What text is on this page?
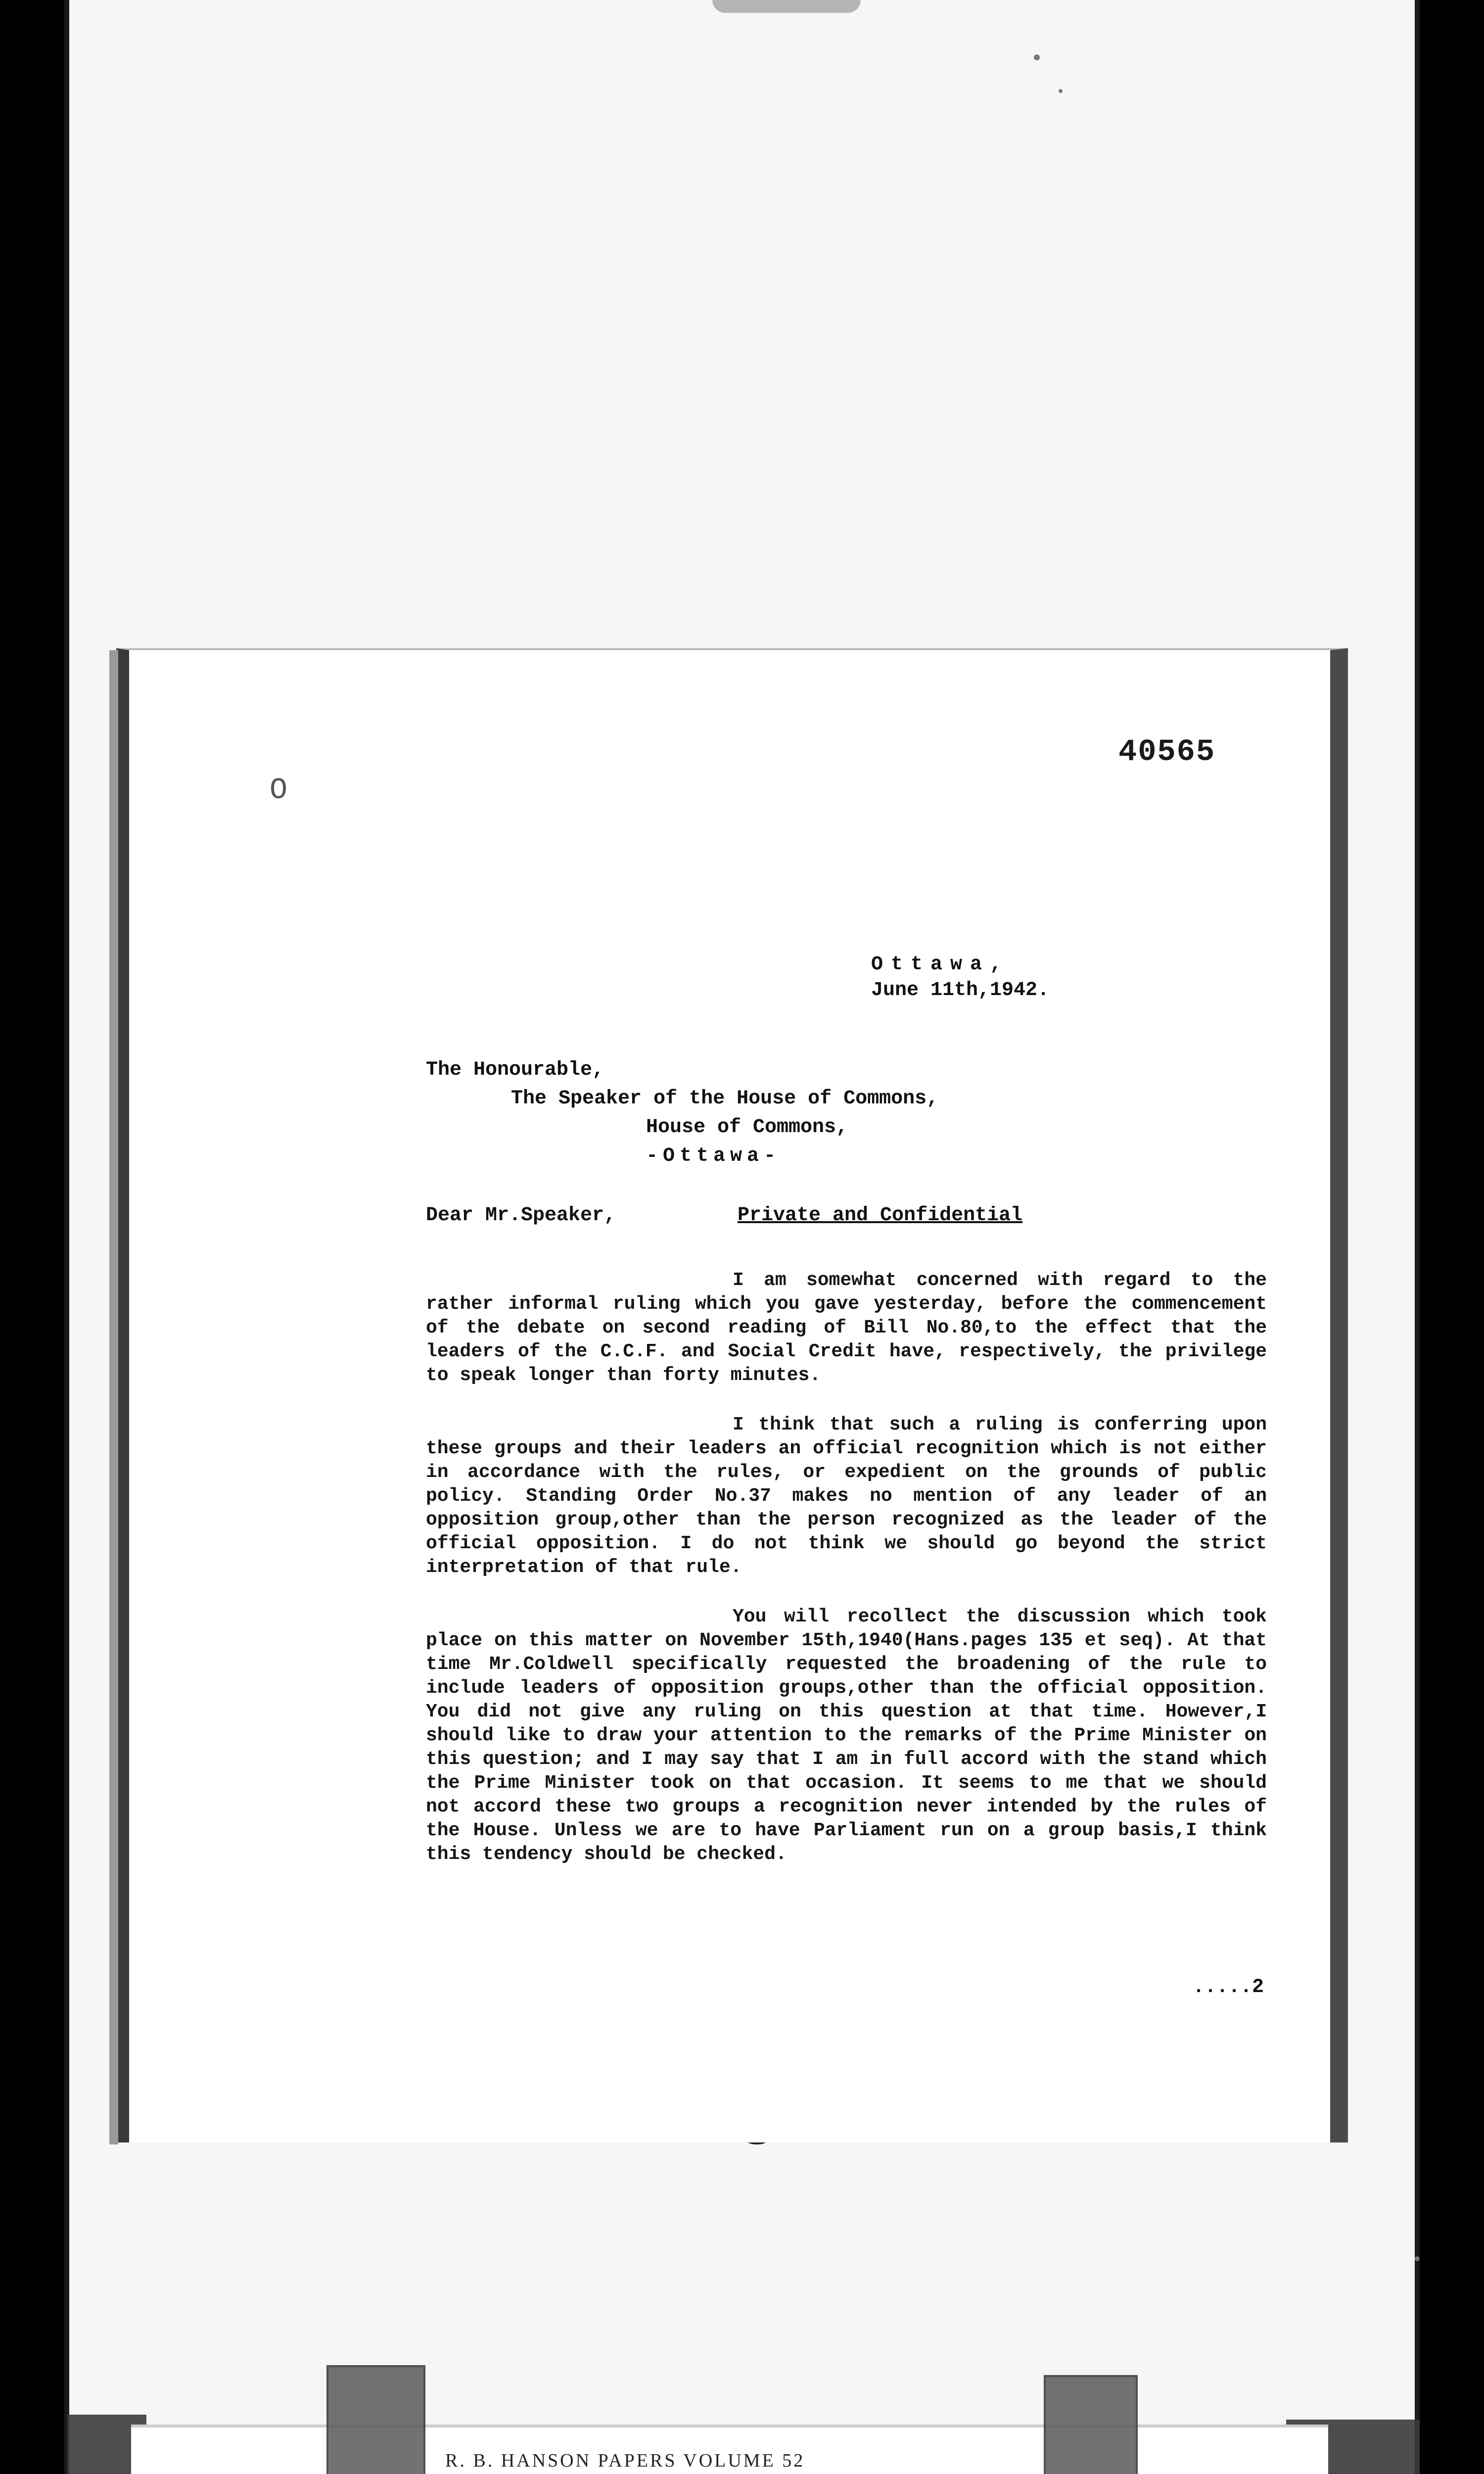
40565
O
Ottawa,
June 11th,1942.
The Honourable,
The Speaker of the House of Commons,
House of Commons,
-Ottawa-
Dear Mr.Speaker,	Private and Confidential

I am somewhat concerned with regard to the rather informal ruling which you gave yesterday, before the commencement of the debate on second reading of Bill No.80,to the effect that the leaders of the C.C.F. and Social Credit have, respectively, the privilege to speak longer than forty minutes.

I think that such a ruling is conferring upon these groups and their leaders an official recognition which is not either in accordance with the rules, or expedient on the grounds of public policy. Standing Order No.37 makes no mention of any leader of an opposition group,other than the person recognized as the leader of the official opposition. I do not think we should go beyond the strict interpretation of that rule.

You will recollect the discussion which took place on this matter on November 15th,1940(Hans.pages 135 et seq). At that time Mr.Coldwell specifically requested the broadening of the rule to include leaders of opposition groups,other than the official opposition. You did not give any ruling on this question at that time. However,I should like to draw your attention to the remarks of the Prime Minister on this question; and I may say that I am in full accord with the stand which the Prime Minister took on that occasion. It seems to me that we should not accord these two groups a recognition never intended by the rules of the House. Unless we are to have Parliament run on a group basis,I think this tendency should be checked.

.....2
R. B. HANSON PAPERS VOLUME 52
